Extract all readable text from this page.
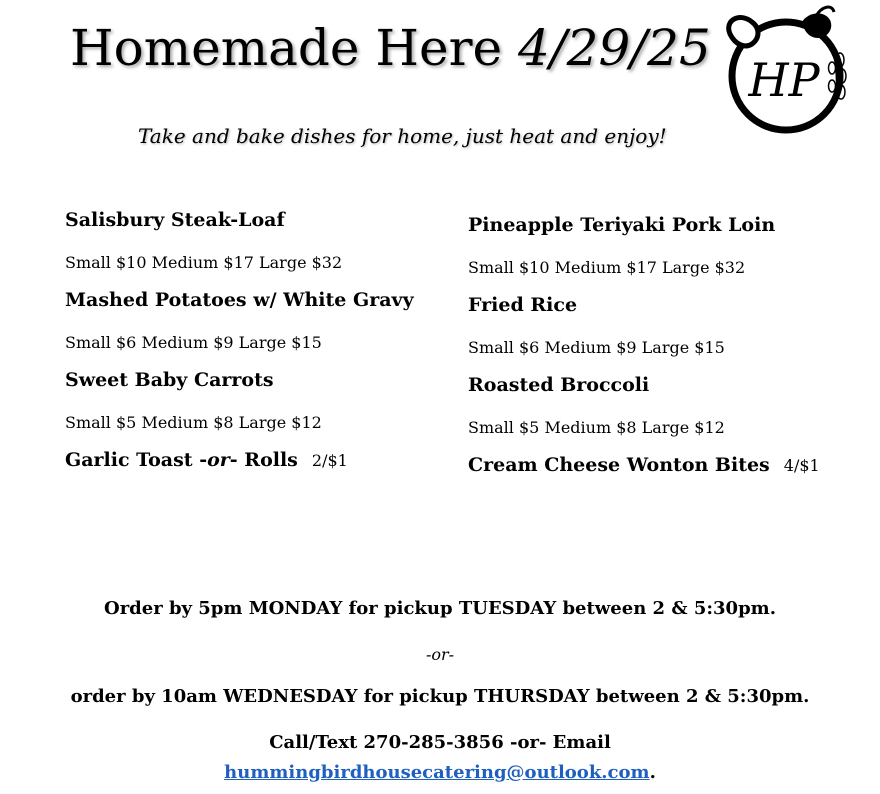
Homemade Here 4/29/25
HP

Take and bake dishes for home, just heat and enjoy!

Salisbury Steak-Loaf
Small $10 Medium $17 Large $32
Mashed Potatoes w/ White Gravy
Small $6 Medium $9 Large $15
Sweet Baby Carrots
Small $5 Medium $8 Large $12
Garlic Toast -or- Rolls 2/$1
Pineapple Teriyaki Pork Loin
Small $10 Medium $17 Large $32
Fried Rice
Small $6 Medium $9 Large $15
Roasted Broccoli
Small $5 Medium $8 Large $12
Cream Cheese Wonton Bites 4/$1
Order by 5pm MONDAY for pickup TUESDAY between 2 & 5:30pm.
-or-
order by 10am WEDNESDAY for pickup THURSDAY between 2 & 5:30pm.
Call/Text 270-285-3856 -or- Email
hummingbirdhousecatering@outlook.com.
